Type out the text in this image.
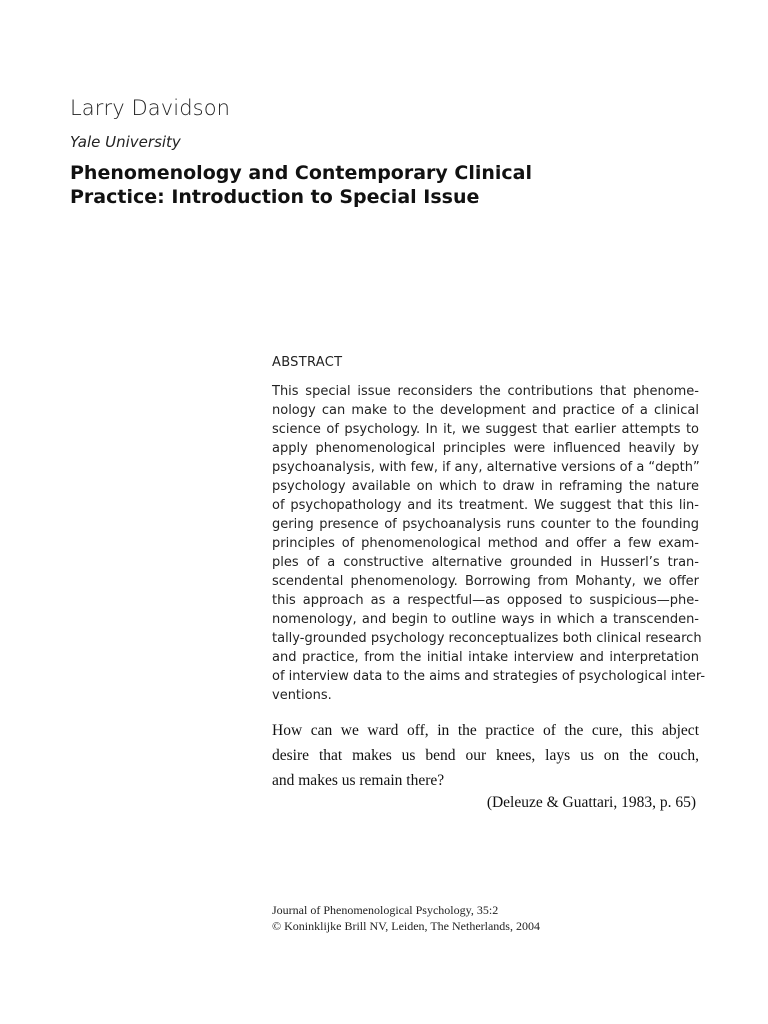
Larry Davidson
Yale University
Phenomenology and Contemporary Clinical
Practice: Introduction to Special Issue
ABSTRACT
This special issue reconsiders the contributions that phenome-
nology can make to the development and practice of a clinical
science of psychology. In it, we suggest that earlier attempts to
apply phenomenological principles were influenced heavily by
psychoanalysis, with few, if any, alternative versions of a “depth”
psychology available on which to draw in reframing the nature
of psychopathology and its treatment. We suggest that this lin-
gering presence of psychoanalysis runs counter to the founding
principles of phenomenological method and offer a few exam-
ples of a constructive alternative grounded in Husserl’s tran-
scendental phenomenology. Borrowing from Mohanty, we offer
this approach as a respectful—as opposed to suspicious—phe-
nomenology, and begin to outline ways in which a transcenden-
tally-grounded psychology reconceptualizes both clinical research
and practice, from the initial intake interview and interpretation
of interview data to the aims and strategies of psychological inter-
ventions.
How can we ward off, in the practice of the cure, this abject
desire that makes us bend our knees, lays us on the couch,
and makes us remain there?
(Deleuze & Guattari, 1983, p. 65)
Journal of Phenomenological Psychology, 35:2
© Koninklijke Brill NV, Leiden, The Netherlands, 2004
